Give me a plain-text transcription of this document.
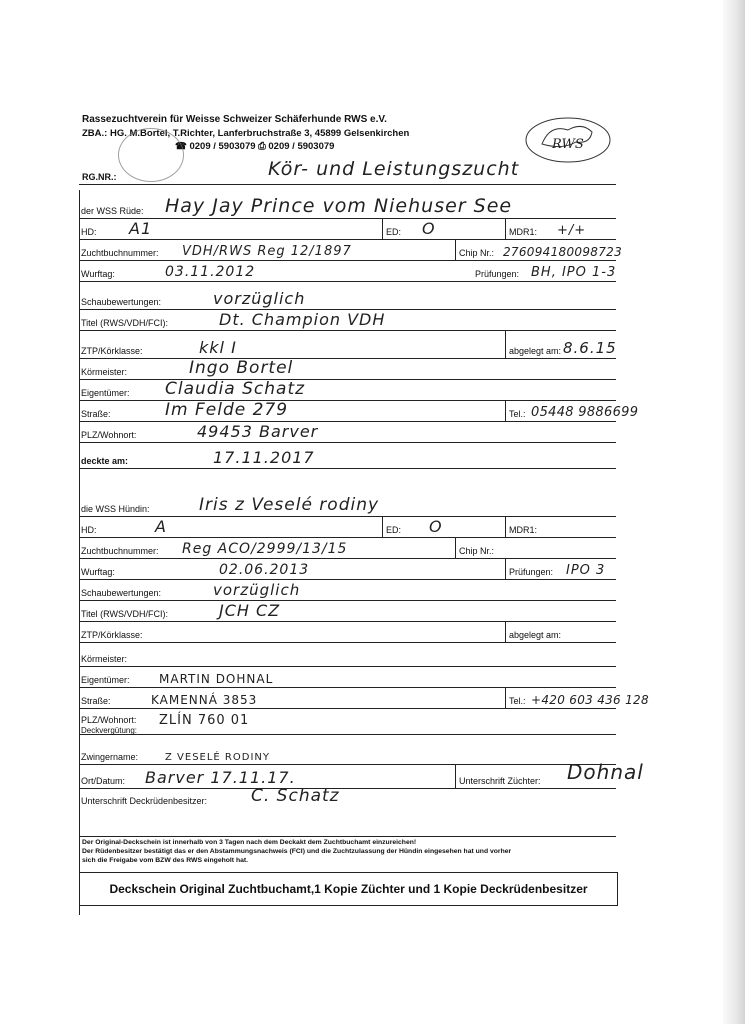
Rassezuchtverein für Weisse Schweizer Schäferhunde RWS e.V.
ZBA.: HG. M.Bortel, T.Richter, Lanferbruchstraße 3, 45899 Gelsenkirchen
☎ 0209 / 5903079 ⎙ 0209 / 5903079	RWS
RG.NR.:	Kör- und Leistungszucht
der WSS Rüde: Hay Jay Prince vom Niehuser See
HD: A1	ED: O	MDR1: +/+
Zuchtbuchnummer: VDH/RWS Reg 12/1897	Chip Nr.: 276094180098723
Wurftag:	03.11.2012	Prüfungen: BH, IPO 1-3
Schaubewertungen:	vorzüglich
Titel (RWS/VDH/FCI):	Dt. Champion VDH
ZTP/Körklasse:	kkl I	abgelegt am: 8.6.15
Körmeister:	Ingo Bortel
Eigentümer: Claudia Schatz
Straße:	Im Felde 279	Tel.: 05448 9886699
PLZ/Wohnort:	49453 Barver
deckte am:	17.11.2017
die WSS Hündin:	Iris z Veselé rodiny
HD:	A	ED: O	MDR1:
Zuchtbuchnummer: Reg ACO/2999/13/15	Chip Nr.:
Wurftag:	02.06.2013	Prüfungen: IPO 3
Schaubewertungen:	vorzüglich
Titel (RWS/VDH/FCI):	JCH CZ
ZTP/Körklasse:	abgelegt am:
Körmeister:
Eigentümer: MARTIN DOHNAL
Straße:	KAMENNÁ 3853	Tel.: +420 603 436 128
PLZ/Wohnort: ZLÍN 760 01
Deckvergütung:
Zwingername:	Z VESELÉ RODINY
Ort/Datum: Barver 17.11.17.	Unterschrift Züchter: Dohnal
Unterschrift Deckrüdenbesitzer:	C. Schatz
Der Original-Deckschein ist innerhalb von 3 Tagen nach dem Deckakt dem Zuchtbuchamt einzureichen!
Der Rüdenbesitzer bestätigt das er den Abstammungsnachweis (FCI) und die Zuchtzulassung der Hündin eingesehen hat und vorher
sich die Freigabe vom BZW des RWS eingeholt hat.
Deckschein Original Zuchtbuchamt,1 Kopie Züchter und 1 Kopie Deckrüdenbesitzer
